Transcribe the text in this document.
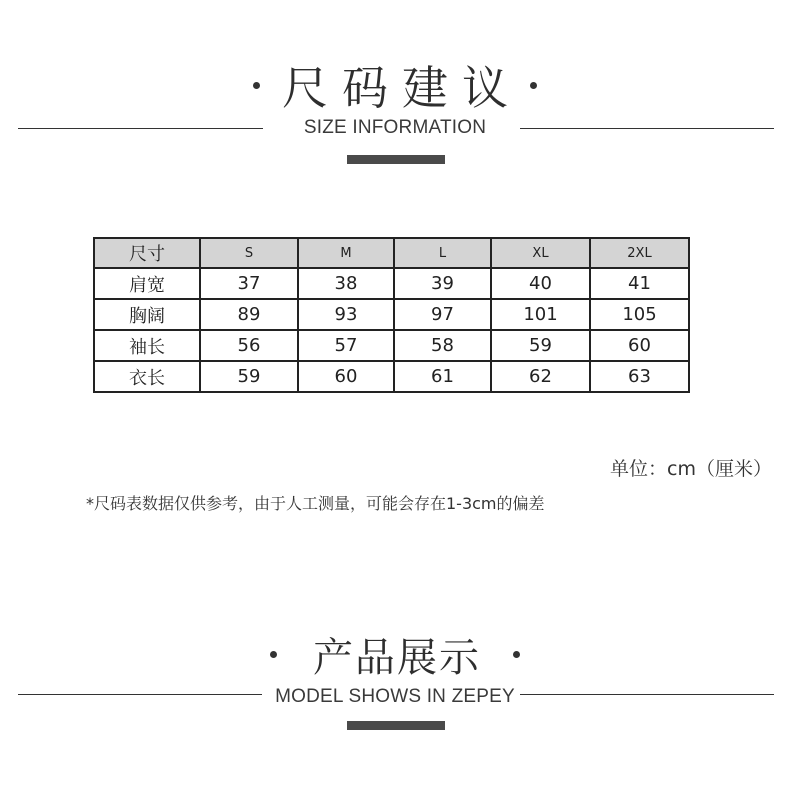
尺码建议
SIZE INFORMATION
尺寸	S	M	L	XL	2XL
肩宽	37	38	39	40	41
胸阔	89	93	97	101	105
袖长	56	57	58	59	60
衣长	59	60	61	62	63
单位：cm（厘米）
*尺码表数据仅供参考，由于人工测量，可能会存在1-3cm的偏差
产品展示
MODEL SHOWS IN ZEPEY
